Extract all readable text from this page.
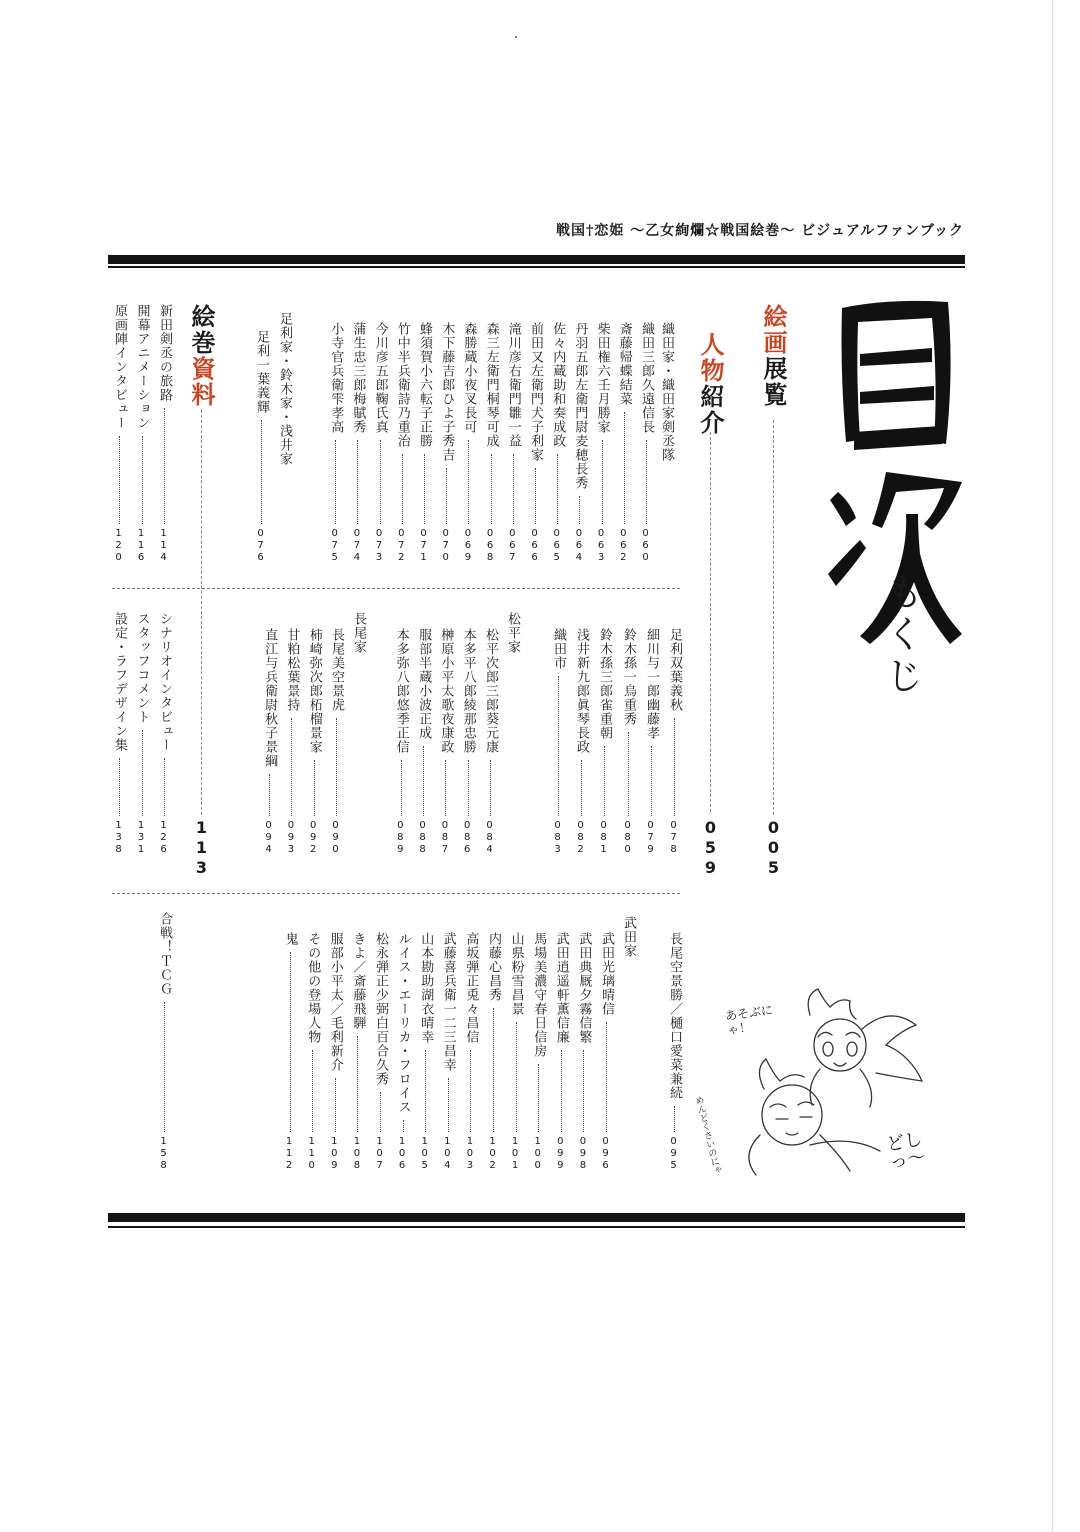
戦国†恋姫 ～乙女絢爛☆戦国絵巻～ ビジュアルファンブック
もくじ
絵画展覧
005
人物紹介
059
絵巻資料
113
織田家・織田家剣丞隊
織田三郎久遠信長
060
斎藤帰蝶結菜
062
柴田権六壬月勝家
063
丹羽五郎左衛門尉麦穂長秀
064
佐々内蔵助和奏成政
065
前田又左衛門犬子利家
066
滝川彦右衛門雛一益
067
森三左衛門桐琴可成
068
森勝蔵小夜叉長可
069
木下藤吉郎ひよ子秀吉
070
蜂須賀小六転子正勝
071
竹中半兵衛詩乃重治
072
今川彦五郎鞠氏真
073
蒲生忠三郎梅賦秀
074
小寺官兵衛雫孝高
075
足利家・鈴木家・浅井家
足利一葉義輝
076
新田剣丞の旅路
114
開幕アニメーション
116
原画陣インタビュー
120
足利双葉義秋
078
細川与一郎幽藤孝
079
鈴木孫一烏重秀
080
鈴木孫三郎雀重朝
081
浅井新九郎眞琴長政
082
織田市
083
松平家
松平次郎三郎葵元康
084
本多平八郎綾那忠勝
086
榊原小平太歌夜康政
087
服部半蔵小波正成
088
本多弥八郎悠季正信
089
長尾家
長尾美空景虎
090
柿崎弥次郎柘榴景家
092
甘粕松葉景持
093
直江与兵衛尉秋子景綱
094
シナリオインタビュー
126
スタッフコメント
131
設定・ラフデザイン集
138
長尾空景勝／樋口愛菜兼続
095
武田家
武田光璃晴信
096
武田典厩夕霧信繁
098
武田逍遥軒薫信廉
099
馬場美濃守春日信房
100
山県粉雪昌景
101
内藤心昌秀
102
高坂弾正兎々昌信
103
武藤喜兵衛一二三昌幸
104
山本勘助湖衣晴幸
105
ルイス・エーリカ・フロイス
106
松永弾正少弼白百合久秀
107
きよ／斎藤飛騨
108
服部小平太／毛利新介
109
その他の登場人物
110
鬼
112
合戦！ＴＣＧ
158
あそぶにゃ！
めんどくさいのにゃ	どしっ〜
